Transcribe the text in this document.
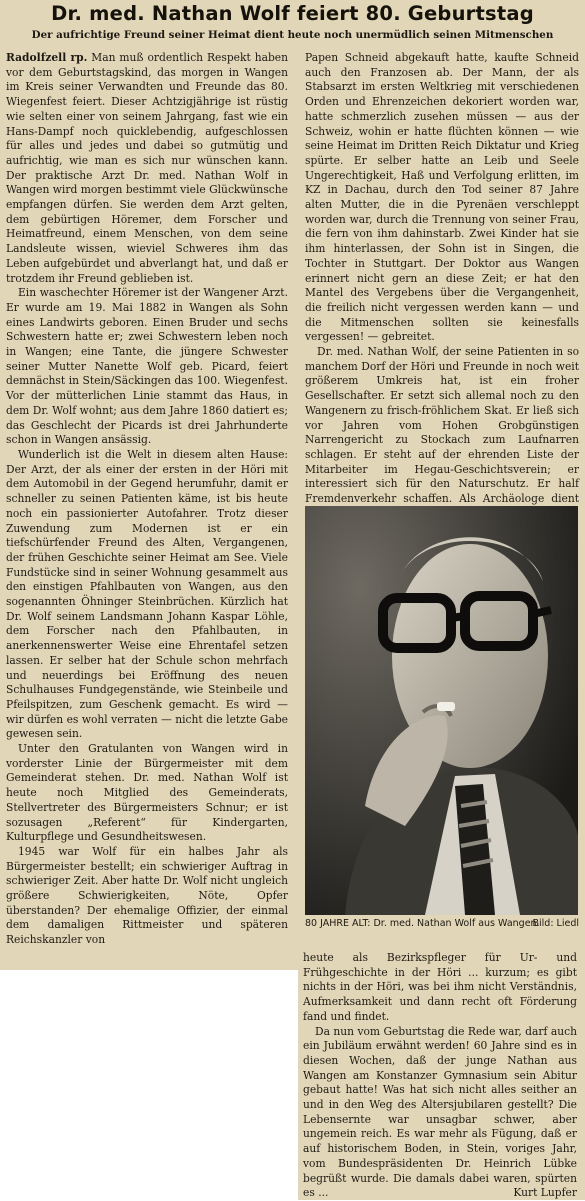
Dr. med. Nathan Wolf feiert 80. Geburtstag
Der aufrichtige Freund seiner Heimat dient heute noch unermüdlich seinen Mitmenschen

Radolfzell rp. Man muß ordentlich Respekt haben vor dem Geburtstagskind, das morgen in Wangen im Kreis seiner Verwandten und Freunde das 80. Wiegenfest feiert. Dieser Achtzigjährige ist rüstig wie selten einer von seinem Jahrgang, fast wie ein Hans-Dampf noch quicklebendig, aufgeschlossen für alles und jedes und dabei so gutmütig und aufrichtig, wie man es sich nur wünschen kann. Der praktische Arzt Dr. med. Nathan Wolf in Wangen wird morgen bestimmt viele Glückwünsche empfangen dürfen. Sie werden dem Arzt gelten, dem gebürtigen Höremer, dem Forscher und Heimatfreund, einem Menschen, von dem seine Landsleute wissen, wieviel Schweres ihm das Leben aufgebürdet und abverlangt hat, und daß er trotzdem ihr Freund geblieben ist.

Ein waschechter Höremer ist der Wangener Arzt. Er wurde am 19. Mai 1882 in Wangen als Sohn eines Landwirts geboren. Einen Bruder und sechs Schwestern hatte er; zwei Schwestern leben noch in Wangen; eine Tante, die jüngere Schwester seiner Mutter Nanette Wolf geb. Picard, feiert demnächst in Stein/Säckingen das 100. Wiegenfest. Vor der mütterlichen Linie stammt das Haus, in dem Dr. Wolf wohnt; aus dem Jahre 1860 datiert es; das Geschlecht der Picards ist drei Jahrhunderte schon in Wangen ansässig.

Wunderlich ist die Welt in diesem alten Hause: Der Arzt, der als einer der ersten in der Höri mit dem Automobil in der Gegend herumfuhr, damit er schneller zu seinen Patienten käme, ist bis heute noch ein passionierter Autofahrer. Trotz dieser Zuwendung zum Modernen ist er ein tiefschürfender Freund des Alten, Vergangenen, der frühen Geschichte seiner Heimat am See. Viele Fundstücke sind in seiner Wohnung gesammelt aus den einstigen Pfahlbauten von Wangen, aus den sogenannten Öhninger Steinbrüchen. Kürzlich hat Dr. Wolf seinem Landsmann Johann Kaspar Löhle, dem Forscher nach den Pfahlbauten, in anerkennenswerter Weise eine Ehrentafel setzen lassen. Er selber hat der Schule schon mehrfach und neuerdings bei Eröffnung des neuen Schulhauses Fundgegenstände, wie Steinbeile und Pfeilspitzen, zum Geschenk gemacht. Es wird — wir dürfen es wohl verraten — nicht die letzte Gabe gewesen sein.

Unter den Gratulanten von Wangen wird in vorderster Linie der Bürgermeister mit dem Gemeinderat stehen. Dr. med. Nathan Wolf ist heute noch Mitglied des Gemeinderats, Stellvertreter des Bürgermeisters Schnur; er ist sozusagen „Referent“ für Kindergarten, Kulturpflege und Gesundheitswesen.

1945 war Wolf für ein halbes Jahr als Bürgermeister bestellt; ein schwieriger Auftrag in schwieriger Zeit. Aber hatte Dr. Wolf nicht ungleich größere Schwierigkeiten, Nöte, Opfer überstanden? Der ehemalige Offizier, der einmal dem damaligen Rittmeister und späteren Reichskanzler von

Papen Schneid abgekauft hatte, kaufte Schneid auch den Franzosen ab. Der Mann, der als Stabsarzt im ersten Weltkrieg mit verschiedenen Orden und Ehrenzeichen dekoriert worden war, hatte schmerzlich zusehen müssen — aus der Schweiz, wohin er hatte flüchten können — wie seine Heimat im Dritten Reich Diktatur und Krieg spürte. Er selber hatte an Leib und Seele Ungerechtigkeit, Haß und Verfolgung erlitten, im KZ in Dachau, durch den Tod seiner 87 Jahre alten Mutter, die in die Pyrenäen verschleppt worden war, durch die Trennung von seiner Frau, die fern von ihm dahinstarb. Zwei Kinder hat sie ihm hinterlassen, der Sohn ist in Singen, die Tochter in Stuttgart. Der Doktor aus Wangen erinnert nicht gern an diese Zeit; er hat den Mantel des Vergebens über die Vergangenheit, die freilich nicht vergessen werden kann — und die Mitmenschen sollten sie keinesfalls vergessen! — gebreitet.

Dr. med. Nathan Wolf, der seine Patienten in so manchem Dorf der Höri und Freunde in noch weit größerem Umkreis hat, ist ein froher Gesellschafter. Er setzt sich allemal noch zu den Wangenern zu frisch-fröhlichem Skat. Er ließ sich vor Jahren vom Hohen Grobgünstigen Narrengericht zu Stockach zum Laufnarren schlagen. Er steht auf der ehrenden Liste der Mitarbeiter im Hegau-Geschichtsverein; er interessiert sich für den Naturschutz. Er half Fremdenverkehr schaffen. Als Archäologe dient

80 JAHRE ALT: Dr. med. Nathan Wolf aus Wangen.
Bild: Liedl

heute als Bezirkspfleger für Ur- und Frühgeschichte in der Höri ... kurzum; es gibt nichts in der Höri, was bei ihm nicht Verständnis, Aufmerksamkeit und dann recht oft Förderung fand und findet.

Da nun vom Geburtstag die Rede war, darf auch ein Jubiläum erwähnt werden! 60 Jahre sind es in diesen Wochen, daß der junge Nathan aus Wangen am Konstanzer Gymnasium sein Abitur gebaut hatte! Was hat sich nicht alles seither an und in den Weg des Altersjubilaren gestellt? Die Lebensernte war unsagbar schwer, aber ungemein reich. Es war mehr als Fügung, daß er auf historischem Boden, in Stein, voriges Jahr, vom Bundespräsidenten Dr. Heinrich Lübke begrüßt wurde. Die damals dabei waren, spürten es ...	Kurt Lupfer
